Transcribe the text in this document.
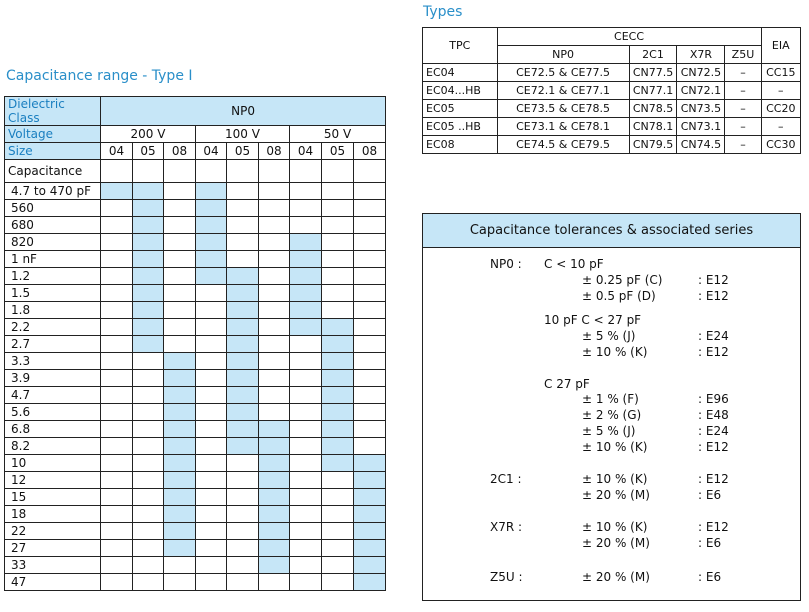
Capacitance range - Type I
Dielectric Class	NP0								
Voltage	200 V			100 V			50 V		
Size	04	05	08	04	05	08	04	05	08
Capacitance									
4.7 to 470 pF									
560									
680									
820									
1 nF									
1.2									
1.5									
1.8									
2.2									
2.7									
3.3									
3.9									
4.7									
5.6									
6.8									
8.2									
10									
12									
15									
18									
22									
27									
33									
47									
Types
TPC	CECC				EIA
	NP0	2C1	X7R	Z5U	
EC04	CE72.5 & CE77.5	CN77.5	CN72.5	–	CC15
EC04...HB	CE72.1 & CE77.1	CN77.1	CN72.1	–	–
EC05	CE73.5 & CE78.5	CN78.5	CN73.5	–	CC20
EC05 ..HB	CE73.1 & CE78.1	CN78.1	CN73.1	–	–
EC08	CE74.5 & CE79.5	CN79.5	CN74.5	–	CC30
Capacitance tolerances & associated series
NP0 : C < 10 pF
± 0.25 pF (C)	: E12
± 0.5 pF (D)	: E12
10 pF C < 27 pF
± 5 % (J)	: E24
± 10 % (K)	: E12
C 27 pF
± 1 % (F)	: E96
± 2 % (G)	: E48
± 5 % (J)	: E24
± 10 % (K)	: E12
2C1 :	± 10 % (K)	: E12
± 20 % (M)	: E6
X7R :	± 10 % (K)	: E12
± 20 % (M)	: E6
Z5U :	± 20 % (M)	: E6
